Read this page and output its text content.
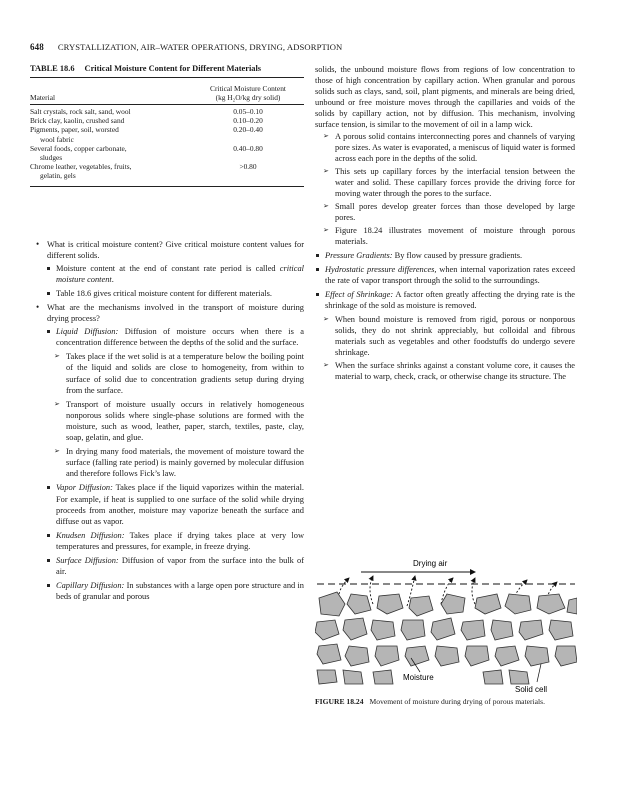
648 CRYSTALLIZATION, AIR–WATER OPERATIONS, DRYING, ADSORPTION
TABLE 18.6 Critical Moisture Content for Different Materials
	Critical Moisture Content
Material	(kg H₂O/kg dry solid)
Salt crystals, rock salt, sand, wool	0.05–0.10
Brick clay, kaolin, crushed sand	0.10–0.20
Pigments, paper, soil, worsted
wool fabric	0.20–0.40
Several foods, copper carbonate,
sludges	0.40–0.80
Chrome leather, vegetables, fruits,
gelatin, gels	>0.80
• What is critical moisture content? Give critical moisture content values for different solids.
Moisture content at the end of constant rate period is called critical moisture content.
Table 18.6 gives critical moisture content for different materials.
• What are the mechanisms involved in the transport of moisture during drying process?
Liquid Diffusion: Diffusion of moisture occurs when there is a concentration difference between the depths of the solid and the surface.
➢ Takes place if the wet solid is at a temperature below the boiling point of the liquid and solids are close to homogeneity, from within to surface of solid due to concentration gradients setup during drying from the surface.
➢ Transport of moisture usually occurs in relatively homogeneous nonporous solids where single-phase solutions are formed with the moisture, such as wood, leather, paper, starch, textiles, paste, clay, soap, gelatin, and glue.
➢ In drying many food materials, the movement of moisture toward the surface (falling rate period) is mainly governed by molecular diffusion and therefore follows Fick’s law.
Vapor Diffusion: Takes place if the liquid vaporizes within the material. For example, if heat is supplied to one surface of the solid while drying proceeds from another, moisture may vaporize beneath the surface and diffuse out as vapor.
Knudsen Diffusion: Takes place if drying takes place at very low temperatures and pressures, for example, in freeze drying.
Surface Diffusion: Diffusion of vapor from the surface into the bulk of air.
Capillary Diffusion: In substances with a large open pore structure and in beds of granular and porous
solids, the unbound moisture flows from regions of low concentration to those of high concentration by capillary action. When granular and porous solids such as clays, sand, soil, plant pigments, and minerals are being dried, unbound or free moisture moves through the capillaries and voids of the solids by capillary action, not by diffusion. This mechanism, involving surface tension, is similar to the movement of oil in a lamp wick.
➢ A porous solid contains interconnecting pores and channels of varying pore sizes. As water is evaporated, a meniscus of liquid water is formed across each pore in the depths of the solid.
➢ This sets up capillary forces by the interfacial tension between the water and solid. These capillary forces provide the driving force for moving water through the pores to the surface.
➢ Small pores develop greater forces than those developed by large pores.
➢ Figure 18.24 illustrates movement of moisture through porous materials.
Pressure Gradients: By flow caused by pressure gradients.
Hydrostatic pressure differences, when internal vaporization rates exceed the rate of vapor transport through the solid to the surroundings.
Effect of Shrinkage: A factor often greatly affecting the drying rate is the shrinkage of the sold as moisture is removed.
➢ When bound moisture is removed from rigid, porous or nonporous solids, they do not shrink appreciably, but colloidal and fibrous materials such as vegetables and other foodstuffs do undergo severe shrinkage.
➢ When the surface shrinks against a constant volume core, it causes the material to warp, check, crack, or otherwise change its structure. The
Drying air
Moisture
Solid cell
FIGURE 18.24 Movement of moisture during drying of porous materials.
